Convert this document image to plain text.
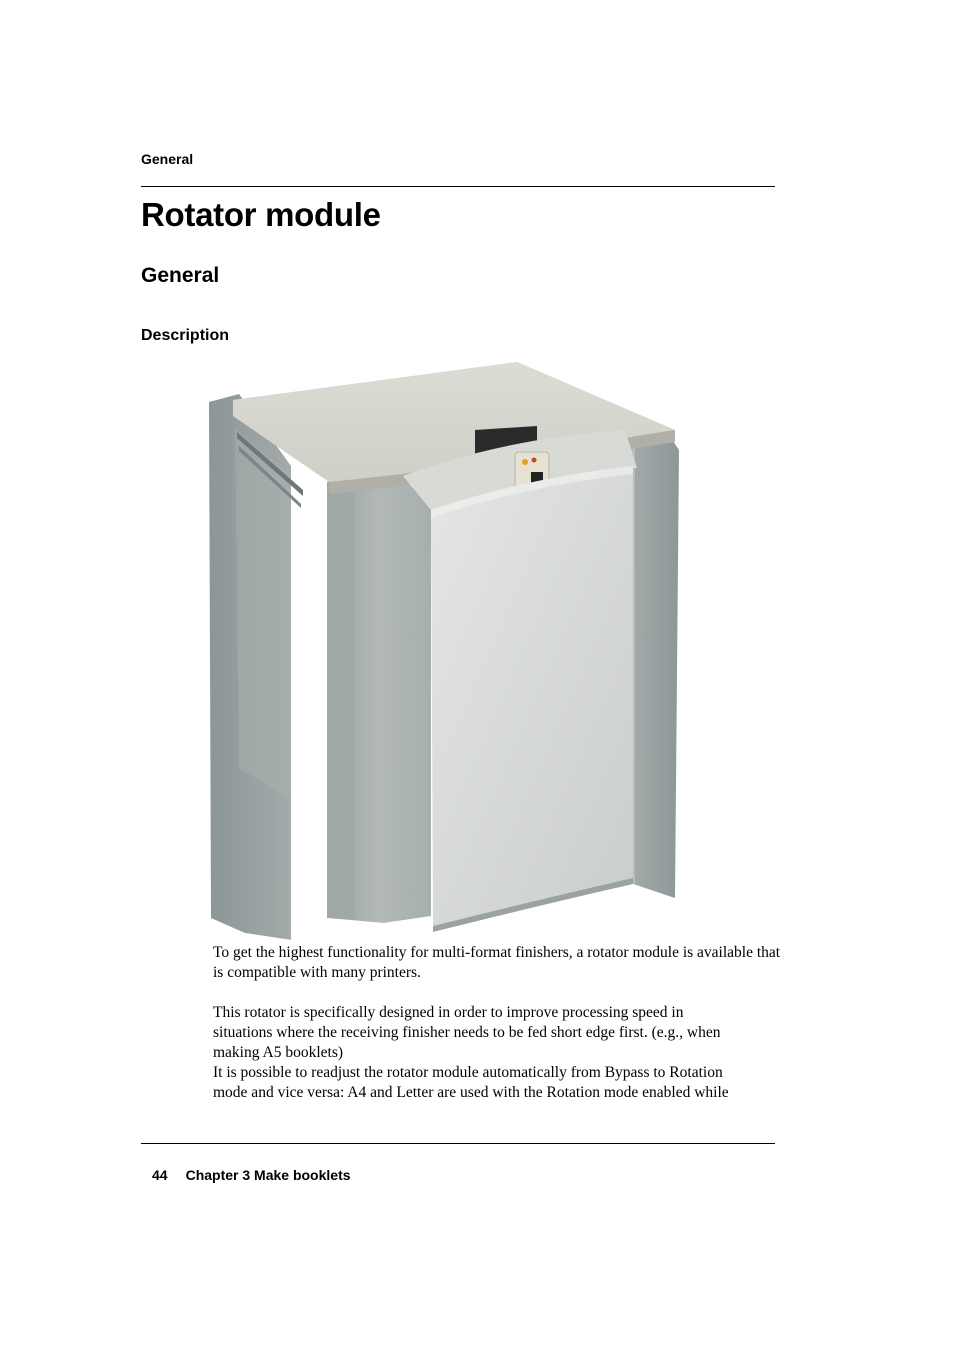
General
Rotator module
General
Description

To get the highest functionality for multi-format finishers, a rotator module is available that is compatible with many printers.

This rotator is specifically designed in order to improve processing speed in
situations where the receiving finisher needs to be fed short edge first. (e.g., when
making A5 booklets)
It is possible to readjust the rotator module automatically from Bypass to Rotation
mode and vice versa: A4 and Letter are used with the Rotation mode enabled while
44 Chapter 3 Make booklets
